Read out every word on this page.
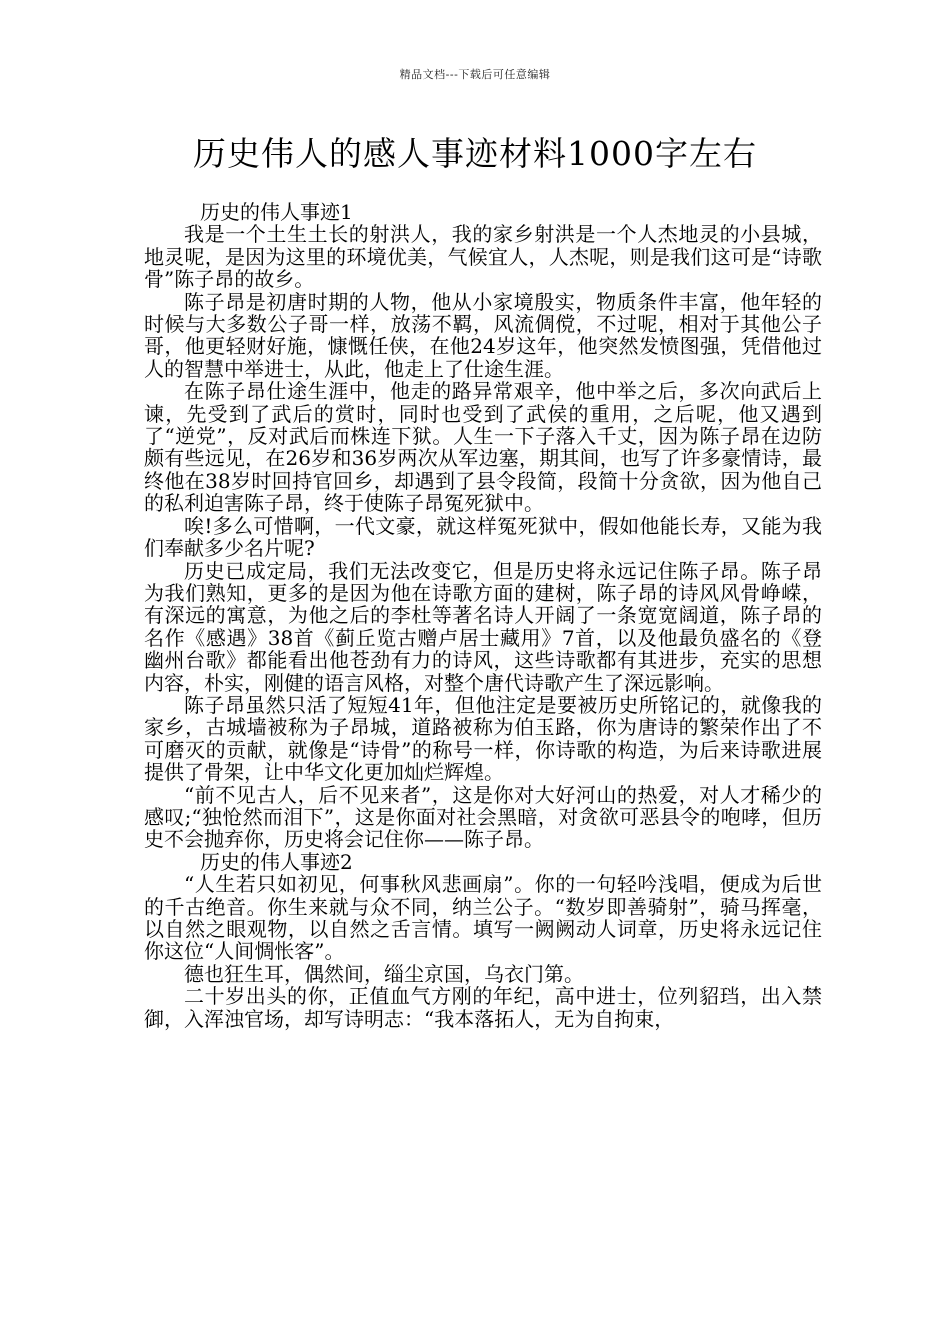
精品文档---下载后可任意编辑
历史伟人的感人事迹材料1000字左右

历史的伟人事迹1

我是一个土生土长的射洪人，我的家乡射洪是一个人杰地灵的小县城，地灵呢，是因为这里的环境优美，气候宜人，人杰呢，则是我们这可是“诗歌骨”陈子昂的故乡。

陈子昂是初唐时期的人物，他从小家境殷实，物质条件丰富，他年轻的时候与大多数公子哥一样，放荡不羁，风流倜傥，不过呢，相对于其他公子哥，他更轻财好施，慷慨任侠，在他24岁这年，他突然发愤图强，凭借他过人的智慧中举进士，从此，他走上了仕途生涯。

在陈子昂仕途生涯中，他走的路异常艰辛，他中举之后，多次向武后上谏，先受到了武后的赏时，同时也受到了武侯的重用，之后呢，他又遇到了“逆党”，反对武后而株连下狱。人生一下子落入千丈，因为陈子昂在边防颇有些远见，在26岁和36岁两次从军边塞，期其间，也写了许多豪情诗，最终他在38岁时回持官回乡，却遇到了县令段简，段简十分贪欲，因为他自己的私利迫害陈子昂，终于使陈子昂冤死狱中。

唉!多么可惜啊，一代文豪，就这样冤死狱中，假如他能长寿，又能为我们奉献多少名片呢?

历史已成定局，我们无法改变它，但是历史将永远记住陈子昂。陈子昂为我们熟知，更多的是因为他在诗歌方面的建树，陈子昂的诗风风骨峥嵘，有深远的寓意，为他之后的李杜等著名诗人开阔了一条宽宽阔道，陈子昂的名作《感遇》38首《蓟丘览古赠卢居士藏用》7首，以及他最负盛名的《登幽州台歌》都能看出他苍劲有力的诗风，这些诗歌都有其进步，充实的思想内容，朴实，刚健的语言风格，对整个唐代诗歌产生了深远影响。

陈子昂虽然只活了短短41年，但他注定是要被历史所铭记的，就像我的家乡，古城墙被称为子昂城，道路被称为伯玉路，你为唐诗的繁荣作出了不可磨灭的贡献，就像是“诗骨”的称号一样，你诗歌的构造，为后来诗歌进展提供了骨架，让中华文化更加灿烂辉煌。

“前不见古人，后不见来者”，这是你对大好河山的热爱，对人才稀少的感叹;“独怆然而泪下”，这是你面对社会黑暗，对贪欲可恶县令的咆哮，但历史不会抛弃你，历史将会记住你——陈子昂。

历史的伟人事迹2

“人生若只如初见，何事秋风悲画扇”。你的一句轻吟浅唱，便成为后世的千古绝音。你生来就与众不同，纳兰公子。“数岁即善骑射”，骑马挥毫，以自然之眼观物，以自然之舌言情。填写一阙阙动人词章，历史将永远记住你这位“人间惆怅客”。

德也狂生耳，偶然间，缁尘京国，乌衣门第。

二十岁出头的你，正值血气方刚的年纪，高中进士，位列貂珰，出入禁御，入浑浊官场，却写诗明志：“我本落拓人，无为自拘束，
